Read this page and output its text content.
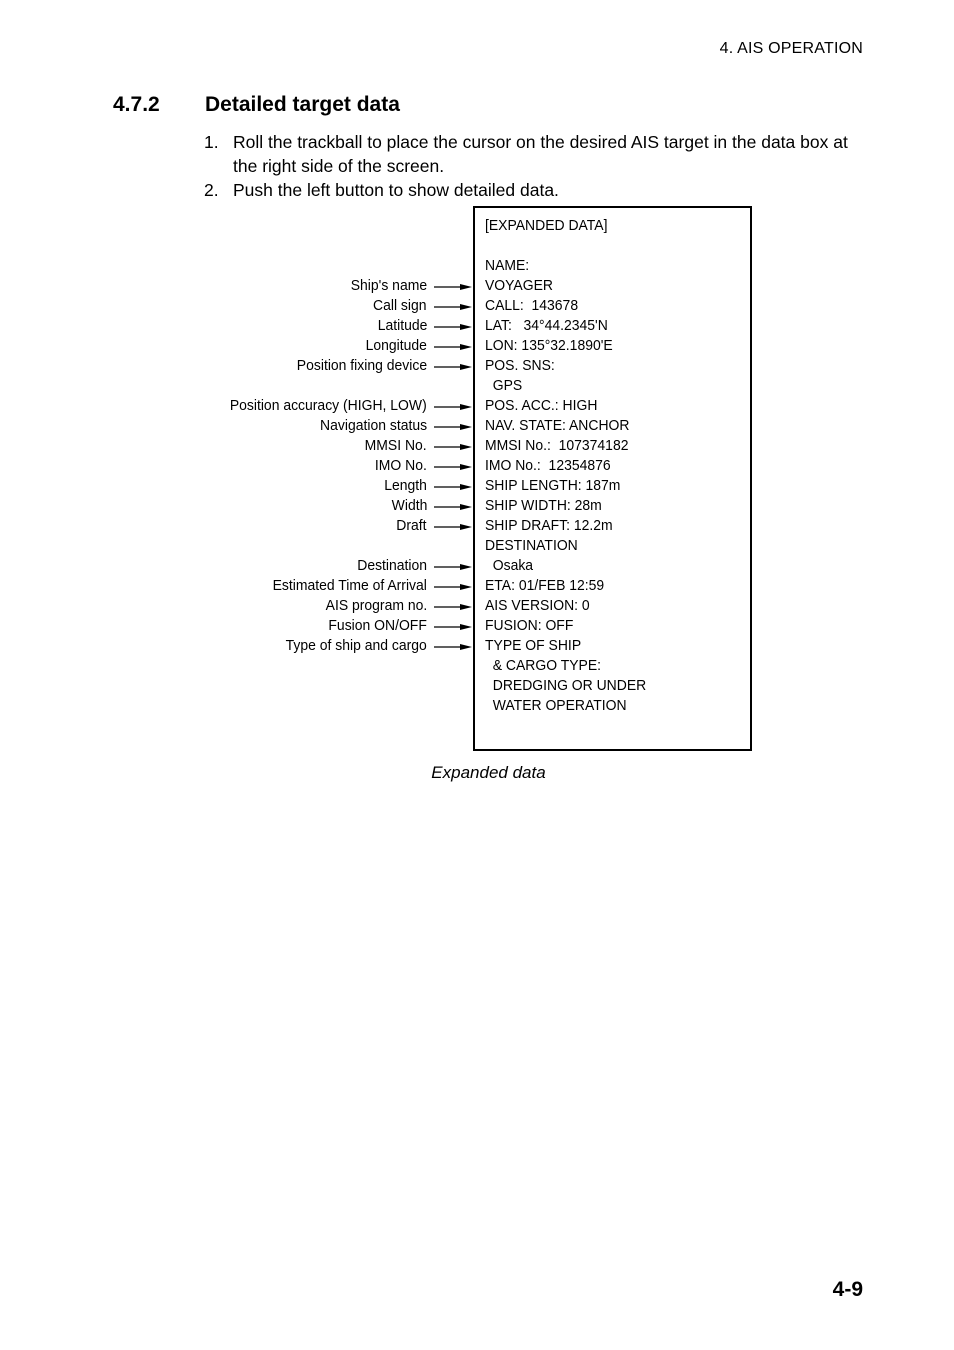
4. AIS OPERATION
4.7.2 Detailed target data
1. Roll the trackball to place the cursor on the desired AIS target in the data box at the right side of the screen.
2. Push the left button to show detailed data.
[EXPANDED DATA]
NAME:
VOYAGER
CALL:  143678
LAT:   34°44.2345'N
LON: 135°32.1890'E
POS. SNS:
GPS
POS. ACC.: HIGH
NAV. STATE: ANCHOR
MMSI No.:  107374182
IMO No.:  12354876
SHIP LENGTH: 187m
SHIP WIDTH: 28m
SHIP DRAFT: 12.2m
DESTINATION
Osaka
ETA: 01/FEB 12:59
AIS VERSION: 0
FUSION: OFF
TYPE OF SHIP
& CARGO TYPE:
DREDGING OR UNDER
WATER OPERATION
Ship's name
Call sign
Latitude
Longitude
Position fixing device
Position accuracy (HIGH, LOW)
Navigation status
MMSI No.
IMO No.
Length
Width
Draft
Destination
Estimated Time of Arrival
AIS program no.
Fusion ON/OFF
Type of ship and cargo
Expanded data
4-9
